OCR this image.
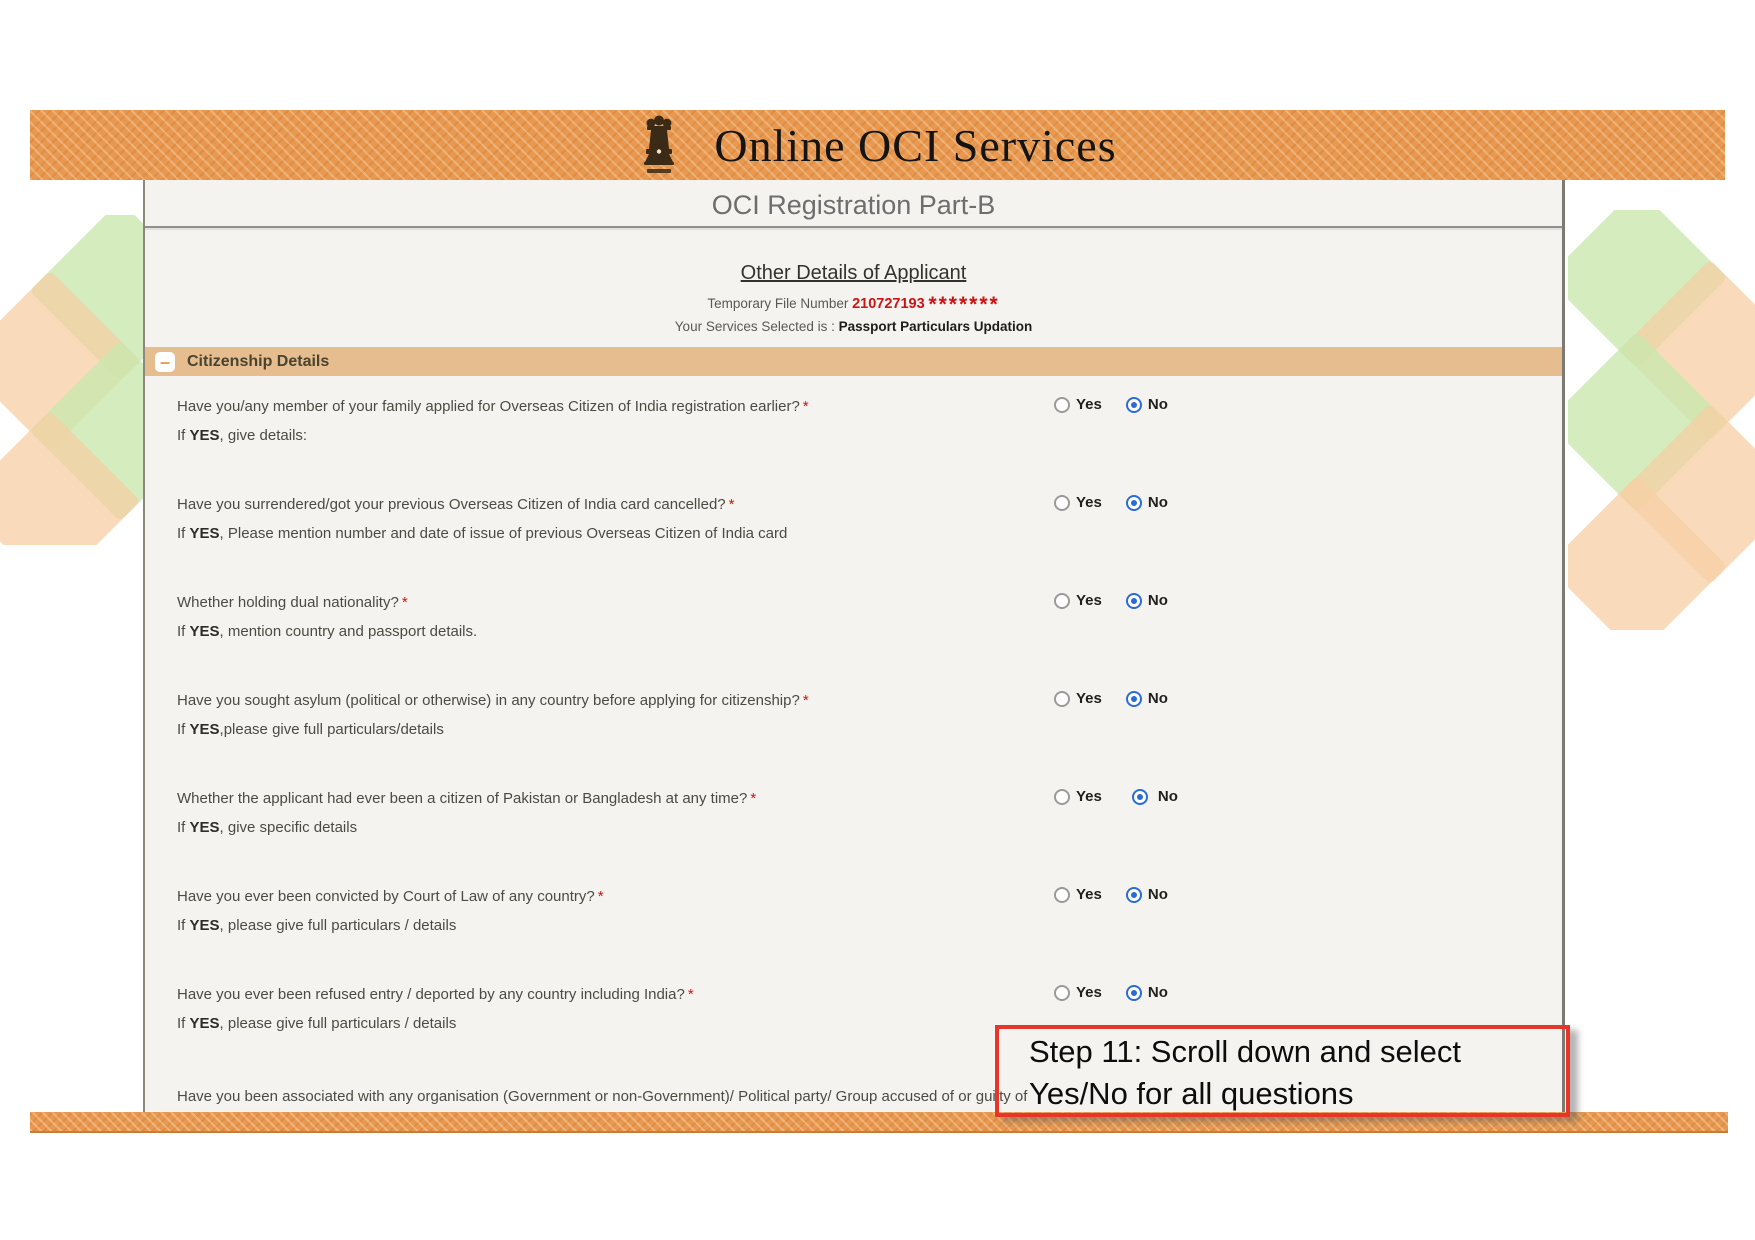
Online OCI Services
OCI Registration Part-B
Other Details of Applicant
Temporary File Number 210727193 *******
Your Services Selected is : Passport Particulars Updation
–	Citizenship Details
Have you/any member of your family applied for Overseas Citizen of India registration earlier? *
If YES, give details:
Yes	No
Have you surrendered/got your previous Overseas Citizen of India card cancelled? *
If YES, Please mention number and date of issue of previous Overseas Citizen of India card
Yes	No
Whether holding dual nationality? *
If YES, mention country and passport details.
Yes	No
Have you sought asylum (political or otherwise) in any country before applying for citizenship? *
If YES,please give full particulars/details
Yes	No
Whether the applicant had ever been a citizen of Pakistan or Bangladesh at any time? *
If YES, give specific details
Yes	No
Have you ever been convicted by Court of Law of any country? *
If YES, please give full particulars / details
Yes	No
Have you ever been refused entry / deported by any country including India? *
If YES, please give full particulars / details
Yes	No
Have you been associated with any organisation (Government or non-Government)/ Political party/ Group accused of or guilty of
Step 11: Scroll down and select
Yes/No for all questions
